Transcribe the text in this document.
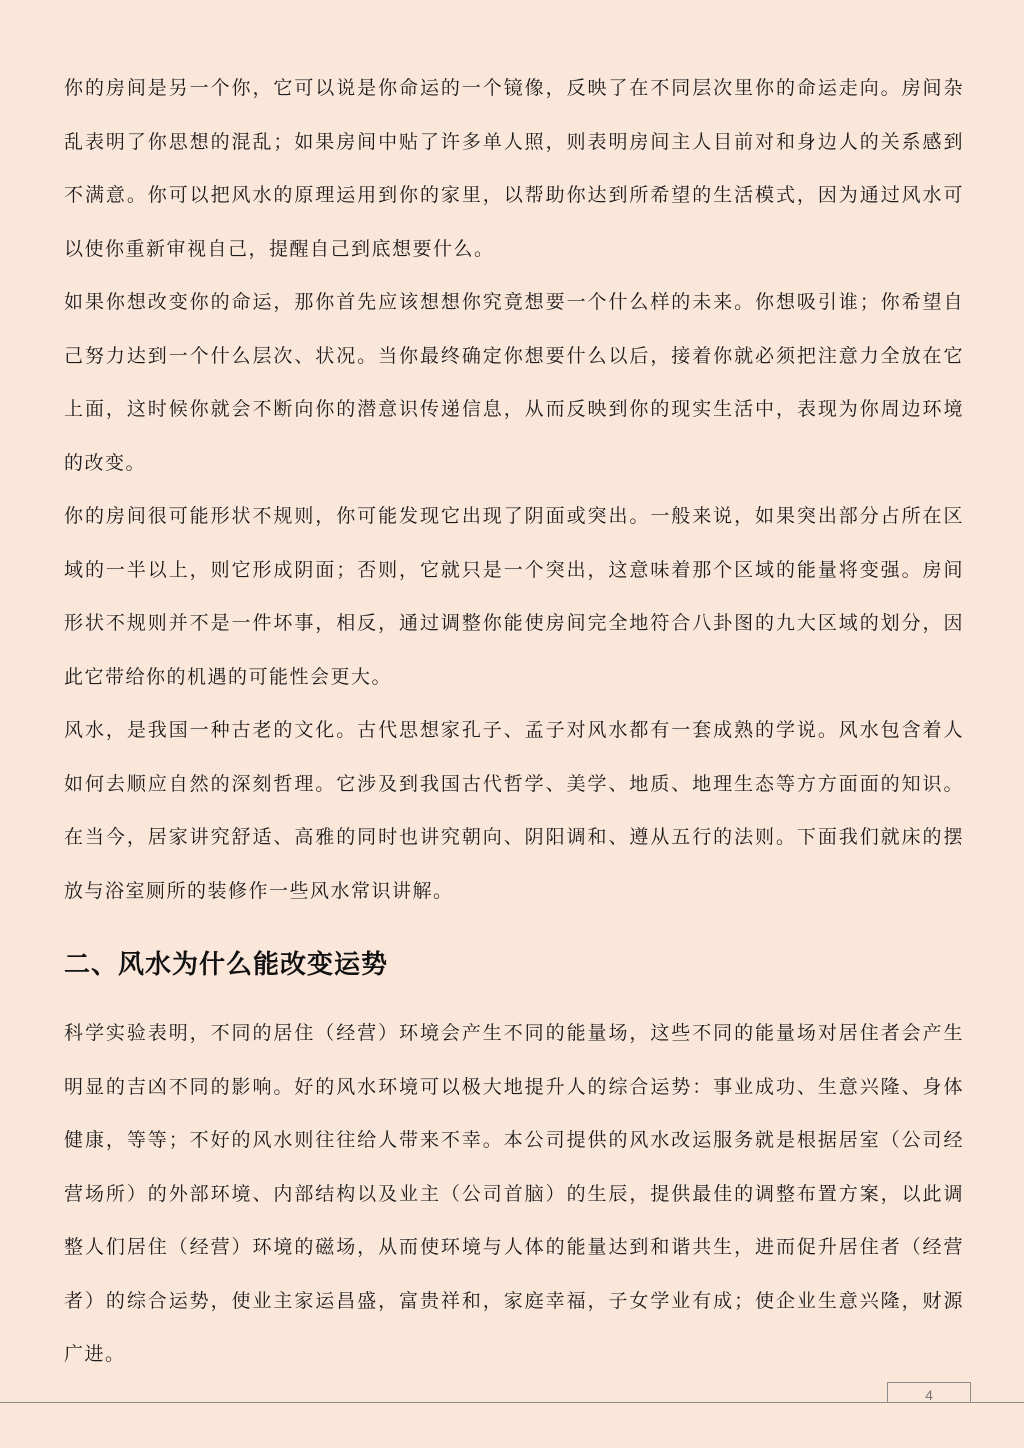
你的房间是另一个你，它可以说是你命运的一个镜像，反映了在不同层次里你的命运走向。房间杂乱表明了你思想的混乱；如果房间中贴了许多单人照，则表明房间主人目前对和身边人的关系感到不满意。你可以把风水的原理运用到你的家里，以帮助你达到所希望的生活模式，因为通过风水可以使你重新审视自己，提醒自己到底想要什么。

如果你想改变你的命运，那你首先应该想想你究竟想要一个什么样的未来。你想吸引谁；你希望自己努力达到一个什么层次、状况。当你最终确定你想要什么以后，接着你就必须把注意力全放在它上面，这时候你就会不断向你的潜意识传递信息，从而反映到你的现实生活中，表现为你周边环境的改变。

你的房间很可能形状不规则，你可能发现它出现了阴面或突出。一般来说，如果突出部分占所在区域的一半以上，则它形成阴面；否则，它就只是一个突出，这意味着那个区域的能量将变强。房间形状不规则并不是一件坏事，相反，通过调整你能使房间完全地符合八卦图的九大区域的划分，因此它带给你的机遇的可能性会更大。

风水，是我国一种古老的文化。古代思想家孔子、孟子对风水都有一套成熟的学说。风水包含着人如何去顺应自然的深刻哲理。它涉及到我国古代哲学、美学、地质、地理生态等方方面面的知识。在当今，居家讲究舒适、高雅的同时也讲究朝向、阴阳调和、遵从五行的法则。下面我们就床的摆放与浴室厕所的装修作一些风水常识讲解。

二、风水为什么能改变运势

科学实验表明，不同的居住（经营）环境会产生不同的能量场，这些不同的能量场对居住者会产生明显的吉凶不同的影响。好的风水环境可以极大地提升人的综合运势：事业成功、生意兴隆、身体健康，等等；不好的风水则往往给人带来不幸。本公司提供的风水改运服务就是根据居室（公司经营场所）的外部环境、内部结构以及业主（公司首脑）的生辰，提供最佳的调整布置方案，以此调整人们居住（经营）环境的磁场，从而使环境与人体的能量达到和谐共生，进而促升居住者（经营者）的综合运势，使业主家运昌盛，富贵祥和，家庭幸福，子女学业有成；使企业生意兴隆，财源广进。

4
